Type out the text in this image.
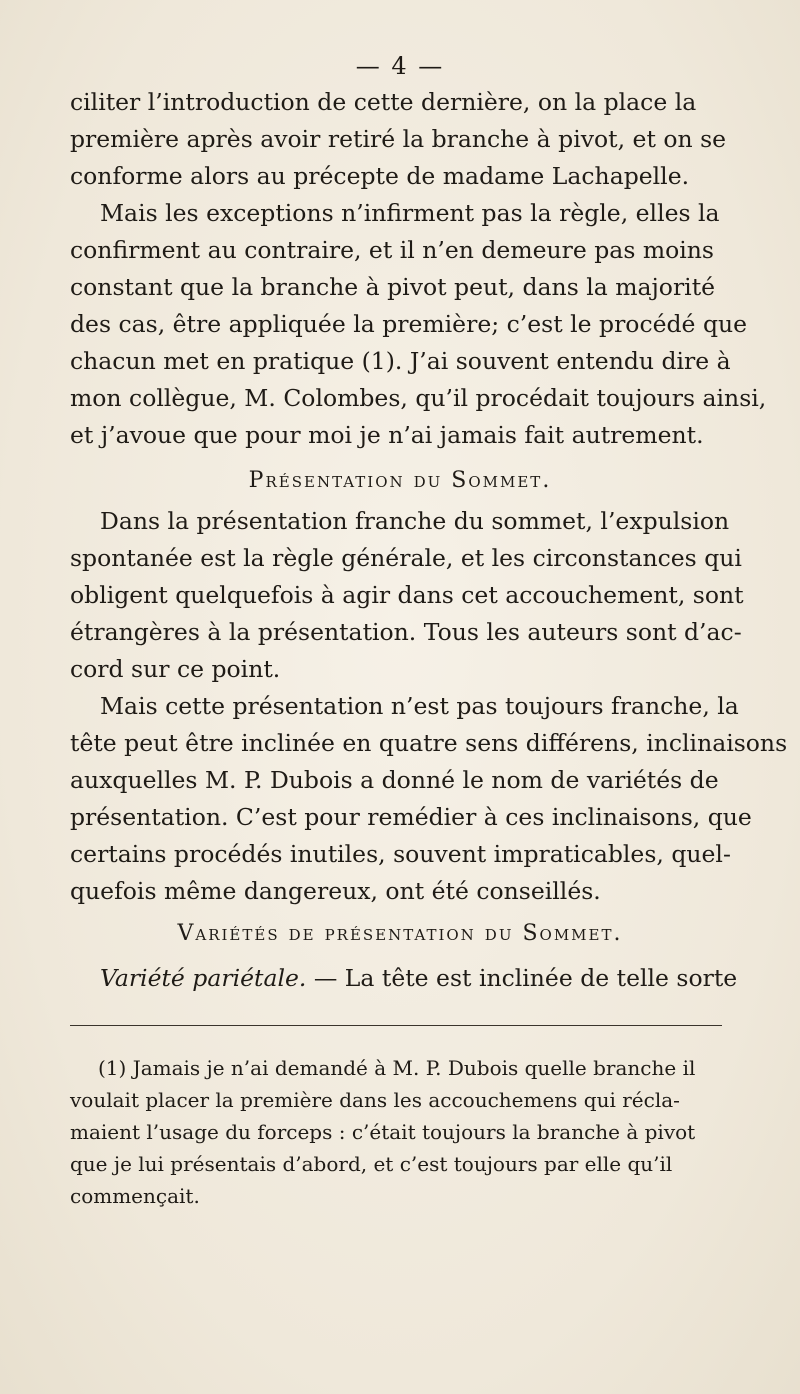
— 4 —
ciliter l’introduction de cette dernière, on la place la
première après avoir retiré la branche à pivot, et on se
conforme alors au précepte de madame Lachapelle.
Mais les exceptions n’infirment pas la règle, elles la
confirment au contraire, et il n’en demeure pas moins
constant que la branche à pivot peut, dans la majorité
des cas, être appliquée la première; c’est le procédé que
chacun met en pratique (1). J’ai souvent entendu dire à
mon collègue, M. Colombes, qu’il procédait toujours ainsi,
et j’avoue que pour moi je n’ai jamais fait autrement.
Présentation du Sommet.
Dans la présentation franche du sommet, l’expulsion
spontanée est la règle générale, et les circonstances qui
obligent quelquefois à agir dans cet accouchement, sont
étrangères à la présentation. Tous les auteurs sont d’ac-
cord sur ce point.
Mais cette présentation n’est pas toujours franche, la
tête peut être inclinée en quatre sens différens, inclinaisons
auxquelles M. P. Dubois a donné le nom de variétés de
présentation. C’est pour remédier à ces inclinaisons, que
certains procédés inutiles, souvent impraticables, quel-
quefois même dangereux, ont été conseillés.
Variétés de présentation du Sommet.
Variété pariétale. — La tête est inclinée de telle sorte
(1) Jamais je n’ai demandé à M. P. Dubois quelle branche il
voulait placer la première dans les accouchemens qui récla-
maient l’usage du forceps : c’était toujours la branche à pivot
que je lui présentais d’abord, et c’est toujours par elle qu’il
commençait.
